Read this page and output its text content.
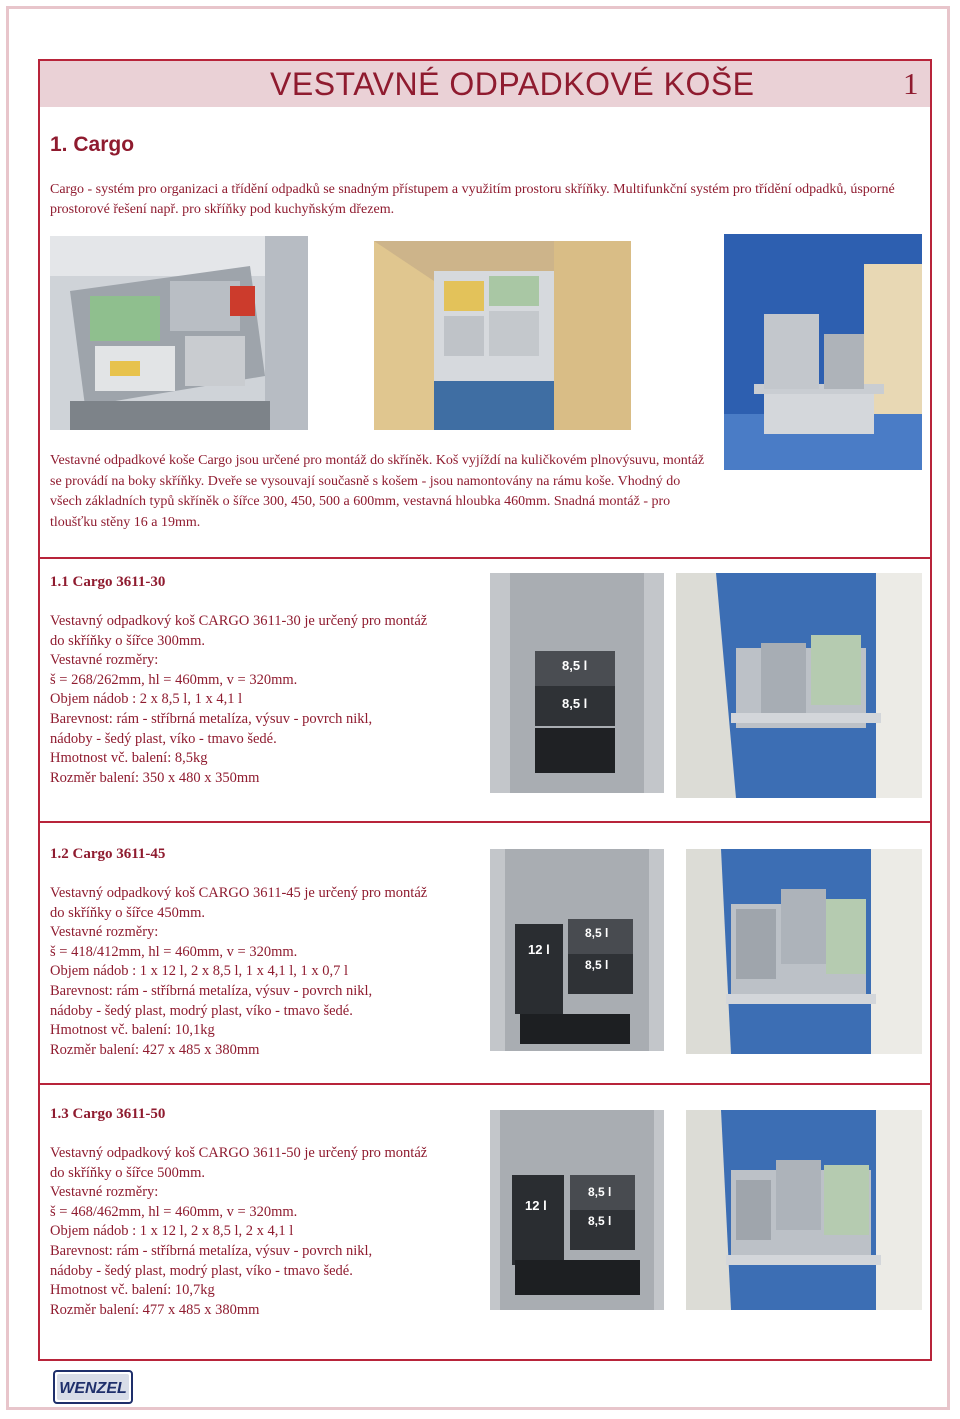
VESTAVNÉ ODPADKOVÉ KOŠE	1
1. Cargo

Cargo - systém pro organizaci a třídění odpadků se snadným přístupem a využitím prostoru skříňky. Multifunkční systém pro třídění odpadků, úsporné prostorové řešení např. pro skříňky pod kuchyňským dřezem.

Vestavné odpadkové koše Cargo jsou určené pro montáž do skříněk. Koš vyjíždí na kuličkovém plnovýsuvu, montáž se provádí na boky skříňky. Dveře se vysouvají současně s košem - jsou namontovány na rámu koše. Vhodný do všech základních typů skříněk o šířce 300, 450, 500 a 600mm, vestavná hloubka 460mm. Snadná montáž - pro tloušťku stěny 16 a 19mm.

1.1 Cargo 3611-30
Vestavný odpadkový koš CARGO 3611-30 je určený pro montáž
do skříňky o šířce 300mm.
Vestavné rozměry:
š = 268/262mm, hl = 460mm, v = 320mm.
Objem nádob : 2 x 8,5 l, 1 x 4,1 l
Barevnost: rám - stříbrná metalíza, výsuv - povrch nikl,
nádoby - šedý plast, víko - tmavo šedé.
Hmotnost vč. balení: 8,5kg
Rozměr balení: 350 x 480 x 350mm
8,5 l
8,5 l
1.2 Cargo 3611-45
Vestavný odpadkový koš CARGO 3611-45 je určený pro montáž
do skříňky o šířce 450mm.
Vestavné rozměry:
š = 418/412mm, hl = 460mm, v = 320mm.
Objem nádob : 1 x 12 l, 2 x 8,5 l, 1 x 4,1 l, 1 x 0,7 l
Barevnost: rám - stříbrná metalíza, výsuv - povrch nikl,
nádoby - šedý plast, modrý plast, víko - tmavo šedé.
Hmotnost vč. balení: 10,1kg
Rozměr balení: 427 x 485 x 380mm
12 l
8,5 l
8,5 l
1.3 Cargo 3611-50
Vestavný odpadkový koš CARGO 3611-50 je určený pro montáž
do skříňky o šířce 500mm.
Vestavné rozměry:
š = 468/462mm, hl = 460mm, v = 320mm.
Objem nádob : 1 x 12 l, 2 x 8,5 l, 2 x 4,1 l
Barevnost: rám - stříbrná metalíza, výsuv - povrch nikl,
nádoby - šedý plast, modrý plast, víko - tmavo šedé.
Hmotnost vč. balení: 10,7kg
Rozměr balení: 477 x 485 x 380mm
12 l
8,5 l
8,5 l
WENZEL
